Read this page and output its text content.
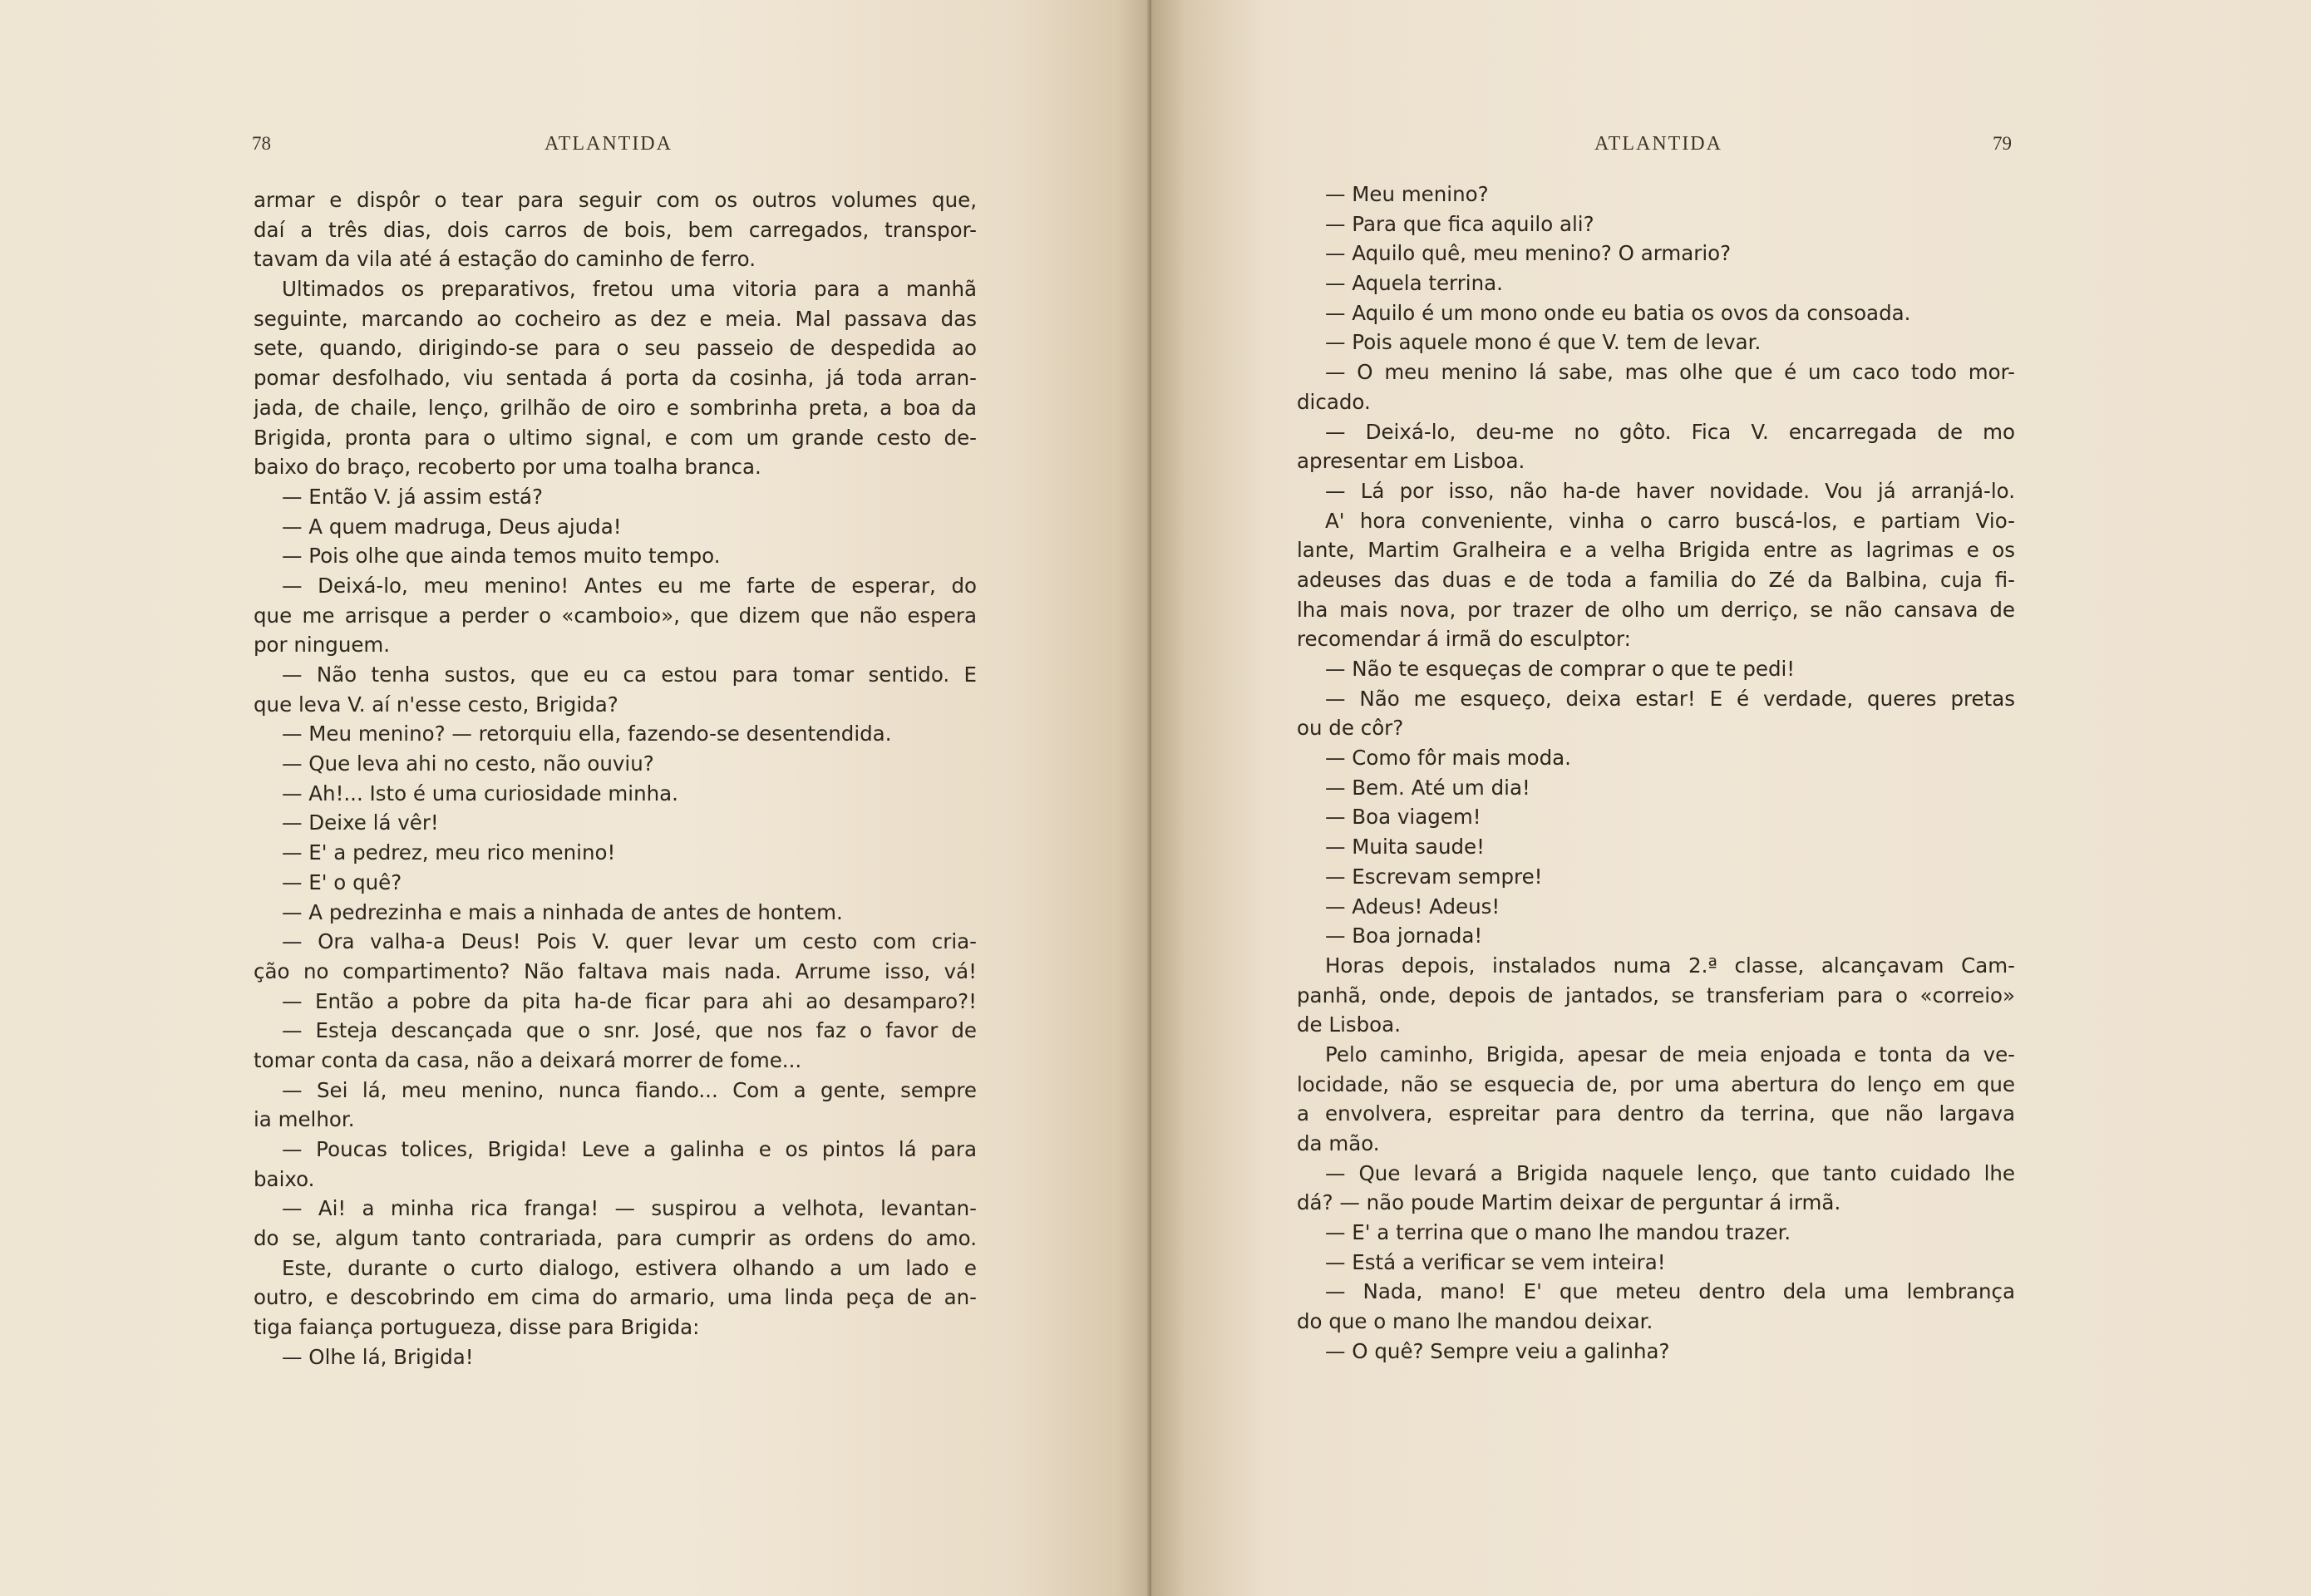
78	ATLANTIDA
armar e dispôr o tear para seguir com os outros volumes que,
daí a três dias, dois carros de bois, bem carregados, transpor-
tavam da vila até á estação do caminho de ferro.
Ultimados os preparativos, fretou uma vitoria para a manhã
seguinte, marcando ao cocheiro as dez e meia. Mal passava das
sete, quando, dirigindo-se para o seu passeio de despedida ao
pomar desfolhado, viu sentada á porta da cosinha, já toda arran-
jada, de chaile, lenço, grilhão de oiro e sombrinha preta, a boa da
Brigida, pronta para o ultimo signal, e com um grande cesto de-
baixo do braço, recoberto por uma toalha branca.
— Então V. já assim está?
— A quem madruga, Deus ajuda!
— Pois olhe que ainda temos muito tempo.
— Deixá-lo, meu menino! Antes eu me farte de esperar, do
que me arrisque a perder o «camboio», que dizem que não espera
por ninguem.
— Não tenha sustos, que eu ca estou para tomar sentido. E
que leva V. aí n'esse cesto, Brigida?
— Meu menino? — retorquiu ella, fazendo-se desentendida.
— Que leva ahi no cesto, não ouviu?
— Ah!... Isto é uma curiosidade minha.
— Deixe lá vêr!
— E' a pedrez, meu rico menino!
— E' o quê?
— A pedrezinha e mais a ninhada de antes de hontem.
— Ora valha-a Deus! Pois V. quer levar um cesto com cria-
ção no compartimento? Não faltava mais nada. Arrume isso, vá!
— Então a pobre da pita ha-de ficar para ahi ao desamparo?!
— Esteja descançada que o snr. José, que nos faz o favor de
tomar conta da casa, não a deixará morrer de fome...
— Sei lá, meu menino, nunca fiando... Com a gente, sempre
ia melhor.
— Poucas tolices, Brigida! Leve a galinha e os pintos lá para
baixo.
— Ai! a minha rica franga! — suspirou a velhota, levantan-
do se, algum tanto contrariada, para cumprir as ordens do amo.
Este, durante o curto dialogo, estivera olhando a um lado e
outro, e descobrindo em cima do armario, uma linda peça de an-
tiga faiança portugueza, disse para Brigida:
— Olhe lá, Brigida!
ATLANTIDA	79
— Meu menino?
— Para que fica aquilo ali?
— Aquilo quê, meu menino? O armario?
— Aquela terrina.
— Aquilo é um mono onde eu batia os ovos da consoada.
— Pois aquele mono é que V. tem de levar.
— O meu menino lá sabe, mas olhe que é um caco todo mor-
dicado.
— Deixá-lo, deu-me no gôto. Fica V. encarregada de mo
apresentar em Lisboa.
— Lá por isso, não ha-de haver novidade. Vou já arranjá-lo.
A' hora conveniente, vinha o carro buscá-los, e partiam Vio-
lante, Martim Gralheira e a velha Brigida entre as lagrimas e os
adeuses das duas e de toda a familia do Zé da Balbina, cuja fi-
lha mais nova, por trazer de olho um derriço, se não cansava de
recomendar á irmã do esculptor:
— Não te esqueças de comprar o que te pedi!
— Não me esqueço, deixa estar! E é verdade, queres pretas
ou de côr?
— Como fôr mais moda.
— Bem. Até um dia!
— Boa viagem!
— Muita saude!
— Escrevam sempre!
— Adeus! Adeus!
— Boa jornada!
Horas depois, instalados numa 2.ª classe, alcançavam Cam-
panhã, onde, depois de jantados, se transferiam para o «correio»
de Lisboa.
Pelo caminho, Brigida, apesar de meia enjoada e tonta da ve-
locidade, não se esquecia de, por uma abertura do lenço em que
a envolvera, espreitar para dentro da terrina, que não largava
da mão.
— Que levará a Brigida naquele lenço, que tanto cuidado lhe
dá? — não poude Martim deixar de perguntar á irmã.
— E' a terrina que o mano lhe mandou trazer.
— Está a verificar se vem inteira!
— Nada, mano! E' que meteu dentro dela uma lembrança
do que o mano lhe mandou deixar.
— O quê? Sempre veiu a galinha?
